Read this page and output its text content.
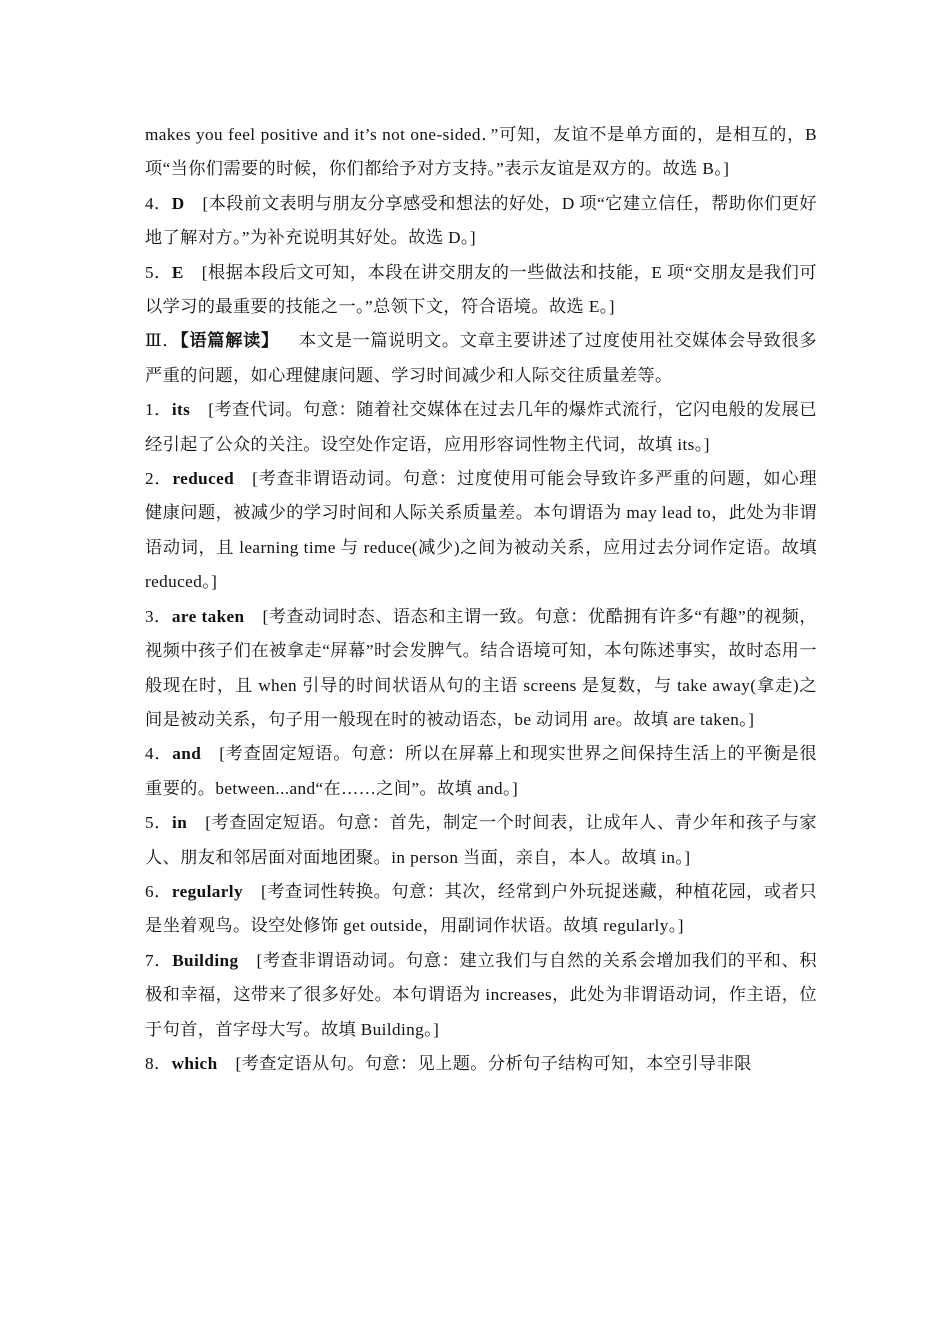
makes you feel positive and it’s not one-sided．”可知，友谊不是单方面的，是相互的，B 项“当你们需要的时候，你们都给予对方支持。”表示友谊是双方的。故选 B。]

4．D [本段前文表明与朋友分享感受和想法的好处，D 项“它建立信任，帮助你们更好地了解对方。”为补充说明其好处。故选 D。]

5．E [根据本段后文可知，本段在讲交朋友的一些做法和技能，E 项“交朋友是我们可以学习的最重要的技能之一。”总领下文，符合语境。故选 E。]

Ⅲ．【语篇解读】 本文是一篇说明文。文章主要讲述了过度使用社交媒体会导致很多严重的问题，如心理健康问题、学习时间减少和人际交往质量差等。

1．its [考查代词。句意：随着社交媒体在过去几年的爆炸式流行，它闪电般的发展已经引起了公众的关注。设空处作定语，应用形容词性物主代词，故填 its。]

2．reduced [考查非谓语动词。句意：过度使用可能会导致许多严重的问题，如心理健康问题，被减少的学习时间和人际关系质量差。本句谓语为 may lead to，此处为非谓语动词，且 learning time 与 reduce(减少)之间为被动关系，应用过去分词作定语。故填 reduced。]

3．are taken [考查动词时态、语态和主谓一致。句意：优酷拥有许多“有趣”的视频，视频中孩子们在被拿走“屏幕”时会发脾气。结合语境可知，本句陈述事实，故时态用一般现在时，且 when 引导的时间状语从句的主语 screens 是复数，与 take away(拿走)之间是被动关系，句子用一般现在时的被动语态，be 动词用 are。故填 are taken。]

4．and [考查固定短语。句意：所以在屏幕上和现实世界之间保持生活上的平衡是很重要的。between...and“在……之间”。故填 and。]

5．in [考查固定短语。句意：首先，制定一个时间表，让成年人、青少年和孩子与家人、朋友和邻居面对面地团聚。in person 当面，亲自，本人。故填 in。]

6．regularly [考查词性转换。句意：其次，经常到户外玩捉迷藏，种植花园，或者只是坐着观鸟。设空处修饰 get outside，用副词作状语。故填 regularly。]

7．Building [考查非谓语动词。句意：建立我们与自然的关系会增加我们的平和、积极和幸福，这带来了很多好处。本句谓语为 increases，此处为非谓语动词，作主语，位于句首，首字母大写。故填 Building。]

8．which [考查定语从句。句意：见上题。分析句子结构可知，本空引导非限
